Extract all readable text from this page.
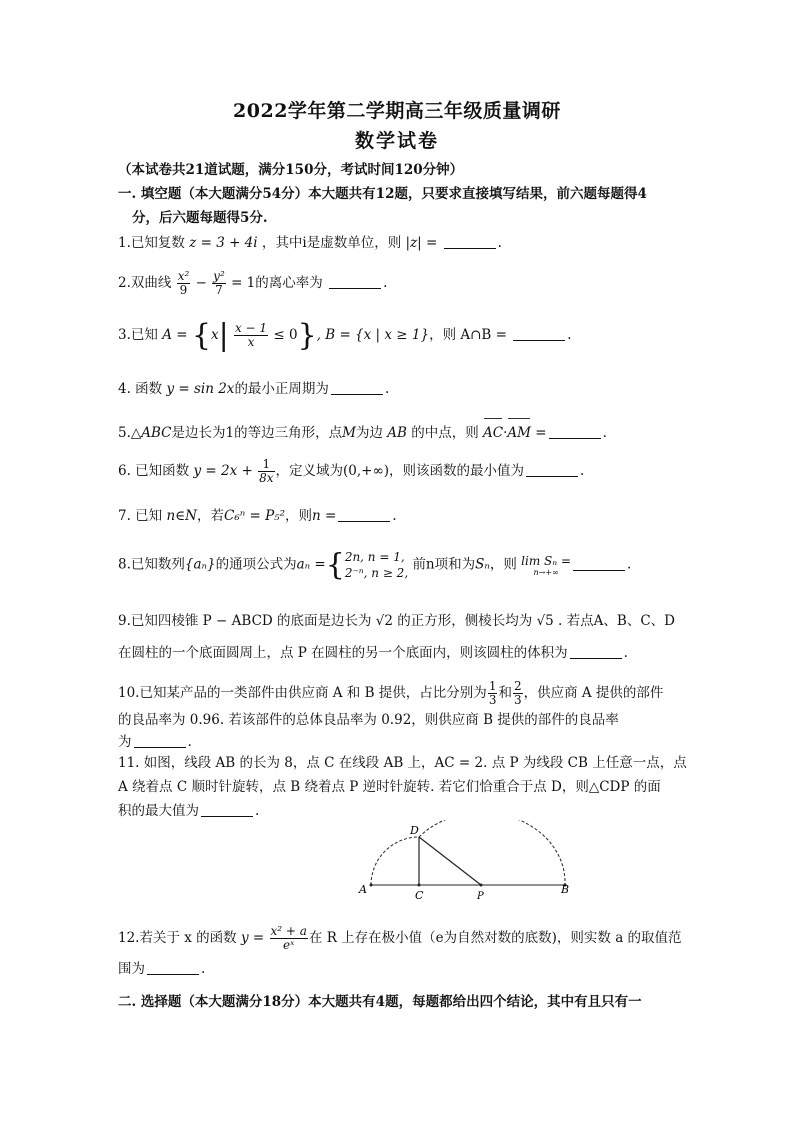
2022学年第二学期高三年级质量调研
数学试卷
（本试卷共21道试题，满分150分，考试时间120分钟）
一. 填空题（本大题满分54分）本大题共有12题，只要求直接填写结果，前六题每题得4
分，后六题每题得5分.
1.已知复数 z = 3 + 4i ，其中i是虚数单位，则 |z| =	.
2.双曲线 $\frac{\text{x²}}{9} - \frac{\text{y²}}{7} = 1$的离心率为	.
3.已知 $A = \{x| \frac{x - 1}{x} \le 0\}$, B = {x | x ≥ 1}，则 A∩B =	.
4. 函数 y = sin 2x的最小正周期为	.
5.△ABC是边长为1的等边三角形，点M为边 AB 的中点，则 AC·AM =	.
6. 已知函数 $y = 2x + \frac{1}{8x}$ ，定义域为(0,+∞)，则该函数的最小值为	.
7. 已知 n∈N，若C₆ⁿ = P₅²，则n =	.
8.已知数列{aₙ}的通项公式为aₙ ={ 2n, n = 1,
2⁻ⁿ, n ≥ 2,
前n项和为Sₙ，则 lim Sₙ =
n→+∞	.
9.已知四棱锥 P − ABCD 的底面是边长为 √2 的正方形，侧棱长均为 √5 . 若点A、B、C、D
在圆柱的一个底面圆周上，点 P 在圆柱的另一个底面内，则该圆柱的体积为	.
10.已知某产品的一类部件由供应商 A 和 B 提供，占比分别为 $\frac{1}{3}$ 和 $\frac{2}{3}$ ，供应商 A 提供的部件
的良品率为 0.96. 若该部件的总体良品率为 0.92，则供应商 B 提供的部件的良品率
为	.
11. 如图，线段 AB 的长为 8，点 C 在线段 AB 上，AC = 2. 点 P 为线段 CB 上任意一点，点
A 绕着点 C 顺时针旋转，点 B 绕着点 P 逆时针旋转. 若它们恰重合于点 D，则△CDP 的面
积的最大值为	.
A	C	P
B
D
12.若关于 x 的函数 $y = \frac{\text{x² + a}}{\text{eˣ}}$ 在 R 上存在极小值（e为自然对数的底数)，则实数 a 的取值范
围为	.
二. 选择题（本大题满分18分）本大题共有4题，每题都给出四个结论，其中有且只有一
